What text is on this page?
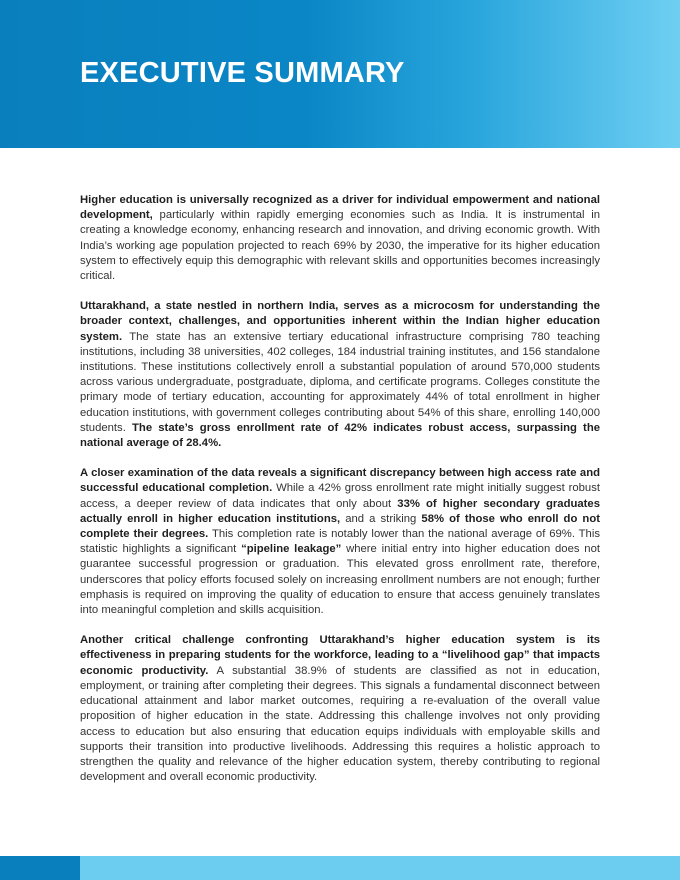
EXECUTIVE SUMMARY

Higher education is universally recognized as a driver for individual empowerment and national development, particularly within rapidly emerging economies such as India. It is instrumental in creating a knowledge economy, enhancing research and innovation, and driving economic growth. With India’s working age population projected to reach 69% by 2030, the imperative for its higher education system to effectively equip this demographic with relevant skills and opportunities becomes increasingly critical.

Uttarakhand, a state nestled in northern India, serves as a microcosm for understanding the broader context, challenges, and opportunities inherent within the Indian higher education system. The state has an extensive tertiary educational infrastructure comprising 780 teaching institutions, including 38 universities, 402 colleges, 184 industrial training institutes, and 156 standalone institutions. These institutions collectively enroll a substantial population of around 570,000 students across various undergraduate, postgraduate, diploma, and certificate programs. Colleges constitute the primary mode of tertiary education, accounting for approximately 44% of total enrollment in higher education institutions, with government colleges contributing about 54% of this share, enrolling 140,000 students. The state’s gross enrollment rate of 42% indicates robust access, surpassing the national average of 28.4%.

A closer examination of the data reveals a significant discrepancy between high access rate and successful educational completion. While a 42% gross enrollment rate might initially suggest robust access, a deeper review of data indicates that only about 33% of higher secondary graduates actually enroll in higher education institutions, and a striking 58% of those who enroll do not complete their degrees. This completion rate is notably lower than the national average of 69%. This statistic highlights a significant “pipeline leakage” where initial entry into higher education does not guarantee successful progression or graduation. This elevated gross enrollment rate, therefore, underscores that policy efforts focused solely on increasing enrollment numbers are not enough; further emphasis is required on improving the quality of education to ensure that access genuinely translates into meaningful completion and skills acquisition.

Another critical challenge confronting Uttarakhand’s higher education system is its effectiveness in preparing students for the workforce, leading to a “livelihood gap” that impacts economic productivity. A substantial 38.9% of students are classified as not in education, employment, or training after completing their degrees. This signals a fundamental disconnect between educational attainment and labor market outcomes, requiring a re-evaluation of the overall value proposition of higher education in the state. Addressing this challenge involves not only providing access to education but also ensuring that education equips individuals with employable skills and supports their transition into productive livelihoods. Addressing this requires a holistic approach to strengthen the quality and relevance of the higher education system, thereby contributing to regional development and overall economic productivity.
